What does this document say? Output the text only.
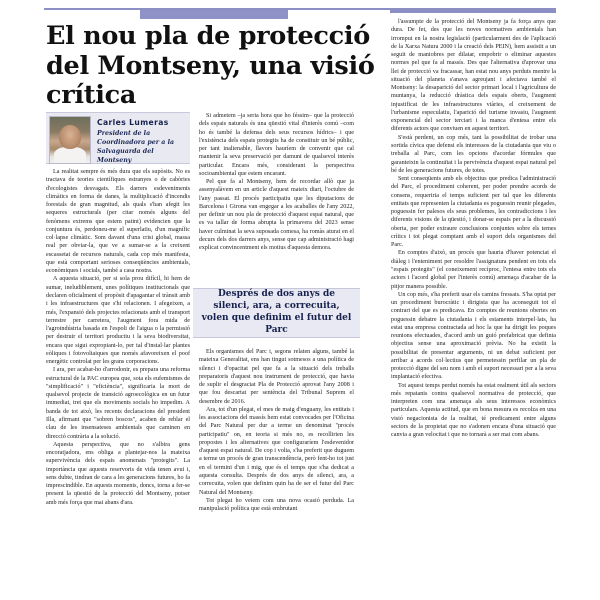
El nou pla de protecció del Montseny, una visió crítica

Carles Lumeras

President de la Coordinadora per a la Salvaguarda del Montseny

La realitat sempre és més dura que els supòsits. No es tractava de teories científiques estranyes o de cabòries d'ecologistes desvagats. Els darrers esdeveniments climàtics en forma de danes, la multiplicació d'incendis forestals de gran magnitud, als quals s'han afegit les sequeres estructurals (per citar només alguns del fenòmens extrems que estem patint) evidencien que la conjuntura és, perdoneu-me el superlatiu, d'un magnífic col·lapse climàtic. Som davant d'una crisi global, massa real per obviar-la, que ve a sumar-se a la creixent escassetat de recursos naturals, cada cop més manifesta, que està comportant serioses conseqüències ambientals, econòmiques i socials, també a casa nostra.

A aquesta situació, per si sola prou difícil, hi hem de sumar, ineludiblement, unes polítiques institucionals que declaren oficialment el propòsit d'apagantar el trànsit amb i les infraestructures que s'hi relacionen. I afegeixen, a més, l'expansió dels projectes relacionats amb el transport terrestre per carretera, l'augment fora mida de l'agroindústria basada en l'espoli de l'aigua o la permissió per destruir el territori productiu i la seva biodiversitat, encara que sigui expropiant-lo, per tal d'instal·lar plantes eòliques i fotovoltaiques que només afavoreixen el poof energètic controlat per les grans corporacions.

I ara, per acabar-ho d'arrodonir, es prepara una reforma estructural de la PAC europea que, sota els eufemismes de "simplificació" i "eficiència", significaria la mort de qualsevol projecte de transició agroecològica en un futur immediat, tret que els moviments socials ho impedim. A banda de tot això, les recents declaracions del president Illa, afirmant que "sobren boscos", acaben de reblar el clau de les insensateses ambientals que caminen en direcció contrària a la solució.

Aquesta perspectiva, que no s'albira gens encoratjadora, ens obliga a plantejar-nos la mateixa supervivència dels espais anomenats "protegits". La importància que aquests reservoris de vida tenen avui i, sens dubte, tindran de cara a les generacions futures, ho fa imprescindible. En aquests moments, doncs, torna a fer-se present la qüestió de la protecció del Montseny, potser amb més força que mai abans d'ara.

Si admetem –ja seria hora que ho féssim– que la protecció dels espais naturals és una qüestió vital d'interès comú –com ho és també la defensa dels seus recursos hídrics– i que l'existència dels espais protegits ha de constituir un bé públic, per tant inalienable, llavors hauríem de convenir que cal mantenir la seva preservació per damunt de qualsevol interès particular. Encara més, considerant la perspectiva socioambiental que estem encarant.

Pel que fa al Montseny, hem de recordar allò que ja assenyalàvem en un article d'aquest mateix diari, l'octubre de l'any passat. El procés participatiu que les diputacions de Barcelona i Girona van engegar a les acaballes de l'any 2022, per definir un nou pla de protecció d'aquest espai natural, que es va tallar de forma abrupta la primavera del 2023 sense haver culminat la seva suposada comesa, ha romàs aturat en el decurs dels dos darrers anys, sense que cap administració hagi explicat convincentment els motius d'aquesta demora.

Després de dos anys de silenci, ara, a correcuita, volen que definim el futur del Parc

Els organismes del Parc i, segons relaten alguns, també la mateixa Generalitat, ens han tingut sotmesos a una política de silenci i d'opacitat pel que fa a la situació dels treballs preparatoris d'aquest nou instrument de protecció, que havia de suplir el desgraciat Pla de Protecció aprovat l'any 2008 i que fou descartat per sentència del Tribunal Suprem el desembre de 2016.

Ara, tot d'un plegat, el mes de maig d'enguany, les entitats i les associacions del massís hem estat convocades per l'Oficina del Parc Natural per dur a terme un denominat "procés participatiu" on, en teoria si més no, es recollirien les propostes i les alternatives que configuraríem l'esdevenidor d'aquest espai natural. De cop i volta, s'ha preferit que duguem a terme un procés de gran transcendència, però fent-ho tot just en el termini d'un i mig, que és el temps que s'ha dedicat a aquesta consulta. Després de dos anys de silenci, ara, a correcuita, volen que definim quin ha de ser el futur del Parc Natural del Montseny.

Tot plegat ho veiem com una nova ocasió perduda. La manipulació política que està embrutant

l'assumpte de la protecció del Montseny ja fa força anys que dura. De fet, des que les noves normatives ambientals han irromput en la nostra legislació (particularment des de l'aplicació de la Xarxa Natura 2000 i la creació dels PEIN), hem assistit a un seguit de maniobres per dilatar, empobrir o eliminar aquestes normes pel que fa al massís. Des que l'alternativa d'aprovar una llei de protecció va fracassar, han estat nou anys perduts mentre la situació del planeta s'anava agreujant i afectava també el Montseny: la desaparició del sector primari local i l'agricultura de muntanya, la reducció dràstica dels espais oberts, l'augment injustificat de les infraestructures viàries, el creixement de l'urbanisme especulatiu, l'aparició del turisme invasiu, l'augment exponencial del sector terciari i la manca d'entesa entre els diferents actors que conviuen en aquest territori.

S'està perdent, un cop més, tant la possibilitat de trobar una sortida cívica que defensi els interessos de la ciutadania que viu o treballa al Parc, com les opcions d'acordar fórmules que garanteixin la continuïtat i la pervivència d'aquest espai natural pel bé de les generacions futures, de totes.

Sent conseqüents amb els objectius que predica l'administració del Parc, el procediment coherent, per poder prendre acords de consens, requeriria el temps suficient per tal que les diferents entitats que representen la ciutadania es poguessin reunir plegades, poguessin fer palesos els seus problemes, les contradiccions i les diferents visions de la qüestió, i donar-se espais per a la discussió oberta, per poder extraure conclusions conjuntes sobre els temes crítics i tot plegat comptant amb el suport dels organismes del Parc.

En comptes d'això, un procés que hauria d'haver potenciat el diàleg i l'enteniment per resoldre l'assignatura pendent en tots els "espais protegits" (el coneixement recíproc, l'entesa entre tots els actors i l'acord global per l'interès comú) amenaça d'acabar de la pitjor manera possible.

Un cop més, s'ha preferit usar els camins fressats. S'ha optat per un procediment burocràtic i dirigista que ha aconseguit tot el contrari del que es predicava. En comptes de reunions obertes on poguessin debatre la ciutadania i els estaments interpel·lats, ha estat una empresa contractada ad hoc la que ha dirigit les poques reunions efectuades, d'acord amb un guió prefabricat que definia objectius sense una aproximació prèvia. No ha existit la possibilitat de presentar arguments, ni un debat suficient per arribar a acords col·lectius que permetessin perfilar un pla de protecció digne del seu nom i amb el suport necessari per a la seva implantació efectiva.

Tot aquest temps perdut només ha estat realment útil als sectors més repatanis contra qualsevol normativa de protecció, que interpreten com una amenaça als seus interessos econòmics particulars. Aquesta actitud, que en bona mesura es recolza en una visió negacionista de la realitat, té predicament entre alguns sectors de la propietat que no s'adonen encara d'una situació que canvia a gran velocitat i que no tornarà a ser mai com abans.
